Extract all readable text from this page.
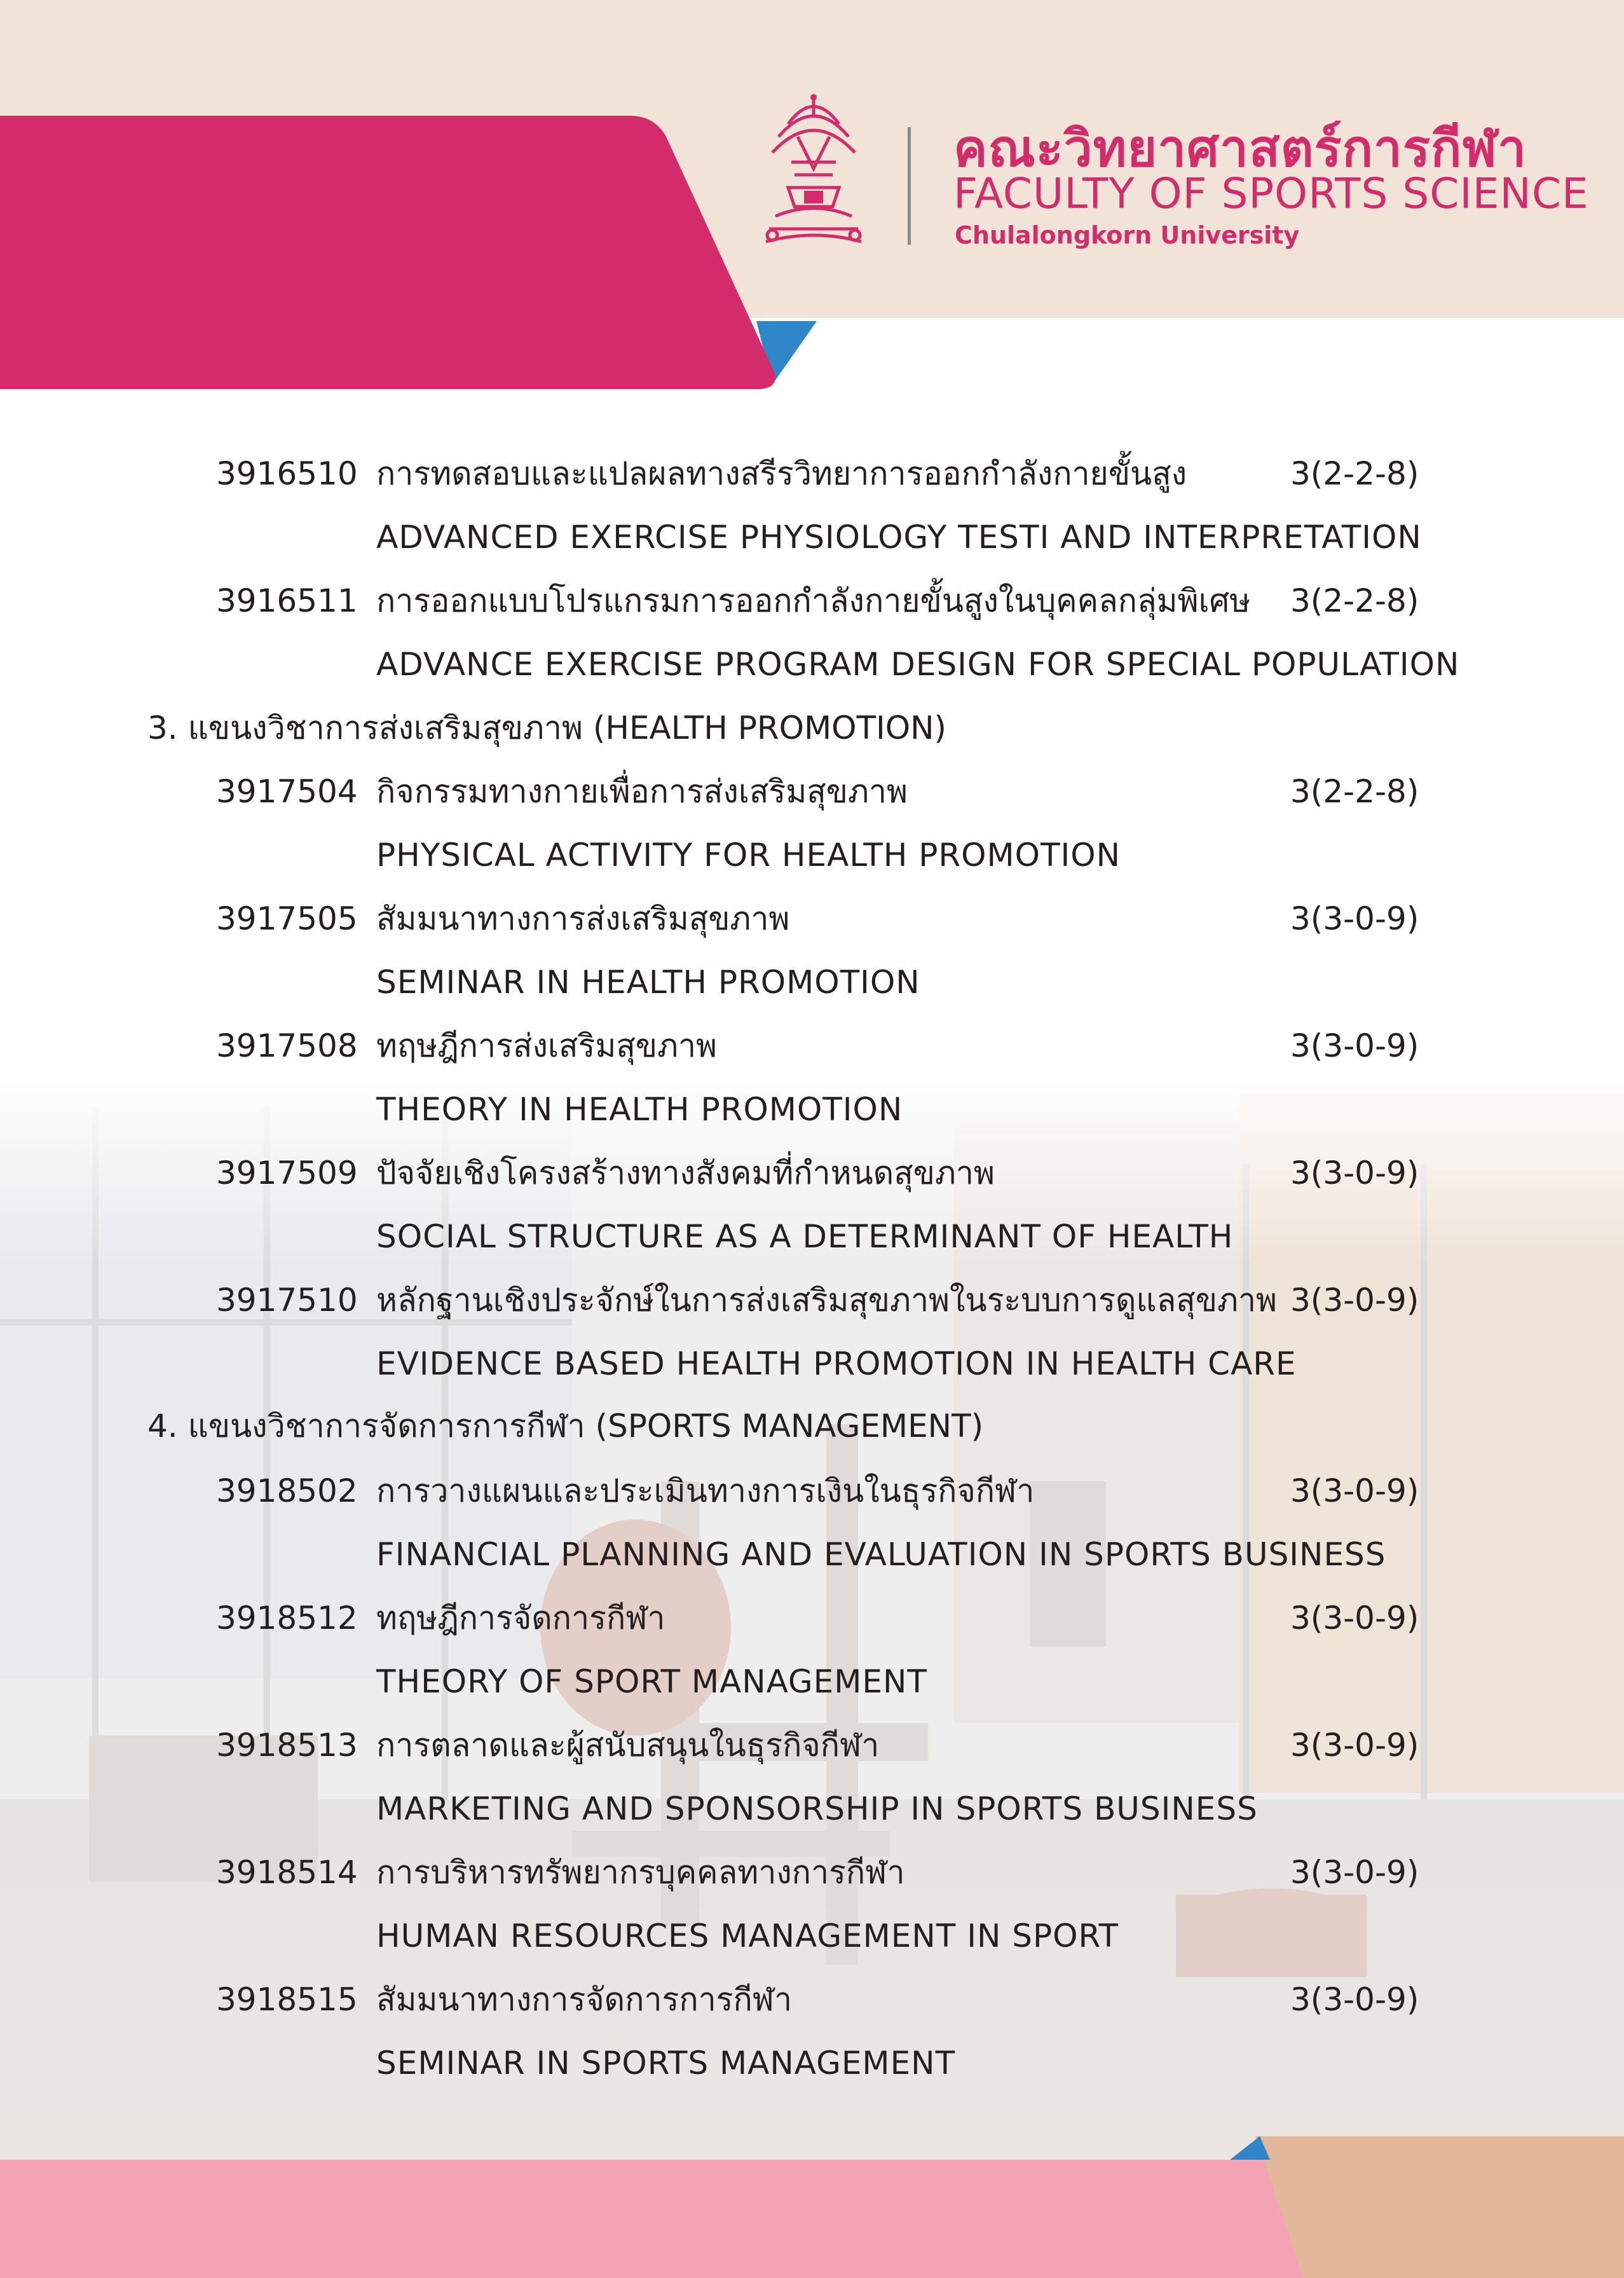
คณะวิทยาศาสตร์การกีฬา
FACULTY OF SPORTS SCIENCE
Chulalongkorn University
3916510 การทดสอบและแปลผลทางสรีรวิทยาการออกกำลังกายขั้นสูง	3(2-2-8)
ADVANCED EXERCISE PHYSIOLOGY TESTI AND INTERPRETATION
3916511 การออกแบบโปรแกรมการออกกำลังกายขั้นสูงในบุคคลกลุ่มพิเศษ 3(2-2-8)
ADVANCE EXERCISE PROGRAM DESIGN FOR SPECIAL POPULATION
3. แขนงวิชาการส่งเสริมสุขภาพ (HEALTH PROMOTION)
3917504 กิจกรรมทางกายเพื่อการส่งเสริมสุขภาพ	3(2-2-8)
PHYSICAL ACTIVITY FOR HEALTH PROMOTION
3917505 สัมมนาทางการส่งเสริมสุขภาพ	3(3-0-9)
SEMINAR IN HEALTH PROMOTION
3917508 ทฤษฎีการส่งเสริมสุขภาพ	3(3-0-9)
THEORY IN HEALTH PROMOTION
3917509 ปัจจัยเชิงโครงสร้างทางสังคมที่กำหนดสุขภาพ	3(3-0-9)
SOCIAL STRUCTURE AS A DETERMINANT OF HEALTH
3917510 หลักฐานเชิงประจักษ์ในการส่งเสริมสุขภาพในระบบการดูแลสุขภาพ 3(3-0-9)
EVIDENCE BASED HEALTH PROMOTION IN HEALTH CARE
4. แขนงวิชาการจัดการการกีฬา (SPORTS MANAGEMENT)
3918502 การวางแผนและประเมินทางการเงินในธุรกิจกีฬา	3(3-0-9)
FINANCIAL PLANNING AND EVALUATION IN SPORTS BUSINESS
3918512 ทฤษฎีการจัดการกีฬา	3(3-0-9)
THEORY OF SPORT MANAGEMENT
3918513 การตลาดและผู้สนับสนุนในธุรกิจกีฬา	3(3-0-9)
MARKETING AND SPONSORSHIP IN SPORTS BUSINESS
3918514 การบริหารทรัพยากรบุคคลทางการกีฬา	3(3-0-9)
HUMAN RESOURCES MANAGEMENT IN SPORT
3918515 สัมมนาทางการจัดการการกีฬา	3(3-0-9)
SEMINAR IN SPORTS MANAGEMENT
